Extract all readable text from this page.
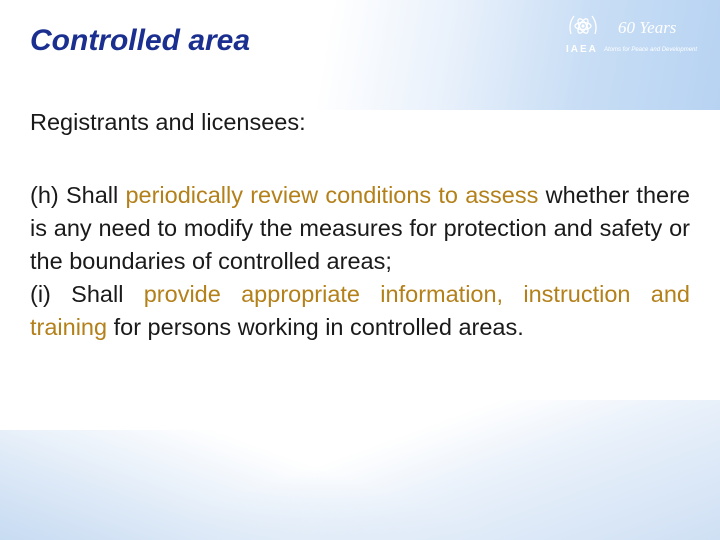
Controlled area	IAEA
60 Years
Atoms for Peace and Development

Registrants and licensees:

(h) Shall periodically review conditions to assess whether there is any need to modify the measures for protection and safety or the boundaries of controlled areas;

(i) Shall provide appropriate information, instruction and training for persons working in controlled areas.
